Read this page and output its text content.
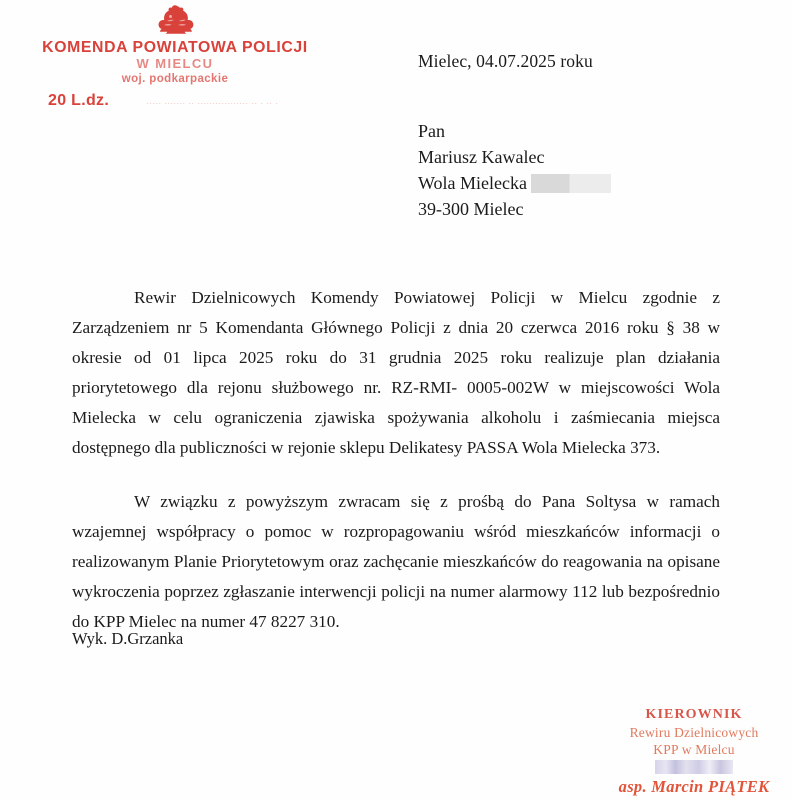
KOMENDA POWIATOWA POLICJI
W MIELCU
woj. podkarpackie
20 L.dz.	..... ....... .. ................. .. . .. .
Mielec, 04.07.2025 roku
Pan
Mariusz Kawalec
Wola Mielecka
39-300 Mielec

Rewir Dzielnicowych Komendy Powiatowej Policji w Mielcu zgodnie z Zarządzeniem nr 5 Komendanta Głównego Policji z dnia 20 czerwca 2016 roku § 38 w okresie od 01 lipca 2025 roku do 31 grudnia 2025 roku realizuje plan działania priorytetowego dla rejonu służbowego nr. RZ-RMI- 0005-002W w miejscowości Wola Mielecka w celu ograniczenia zjawiska spożywania alkoholu i zaśmiecania miejsca dostępnego dla publiczności w rejonie sklepu Delikatesy PASSA Wola Mielecka 373.

W związku z powyższym zwracam się z prośbą do Pana Soltysa w ramach wzajemnej współpracy o pomoc w rozpropagowaniu wśród mieszkańców informacji o realizowanym Planie Priorytetowym oraz zachęcanie mieszkańców do reagowania na opisane wykroczenia poprzez zgłaszanie interwencji policji na numer alarmowy 112 lub bezpośrednio do KPP Mielec na numer 47 8227 310.

Wyk. D.Grzanka
KIEROWNIK
Rewiru Dzielnicowych
KPP w Mielcu
asp. Marcin PIĄTEK
